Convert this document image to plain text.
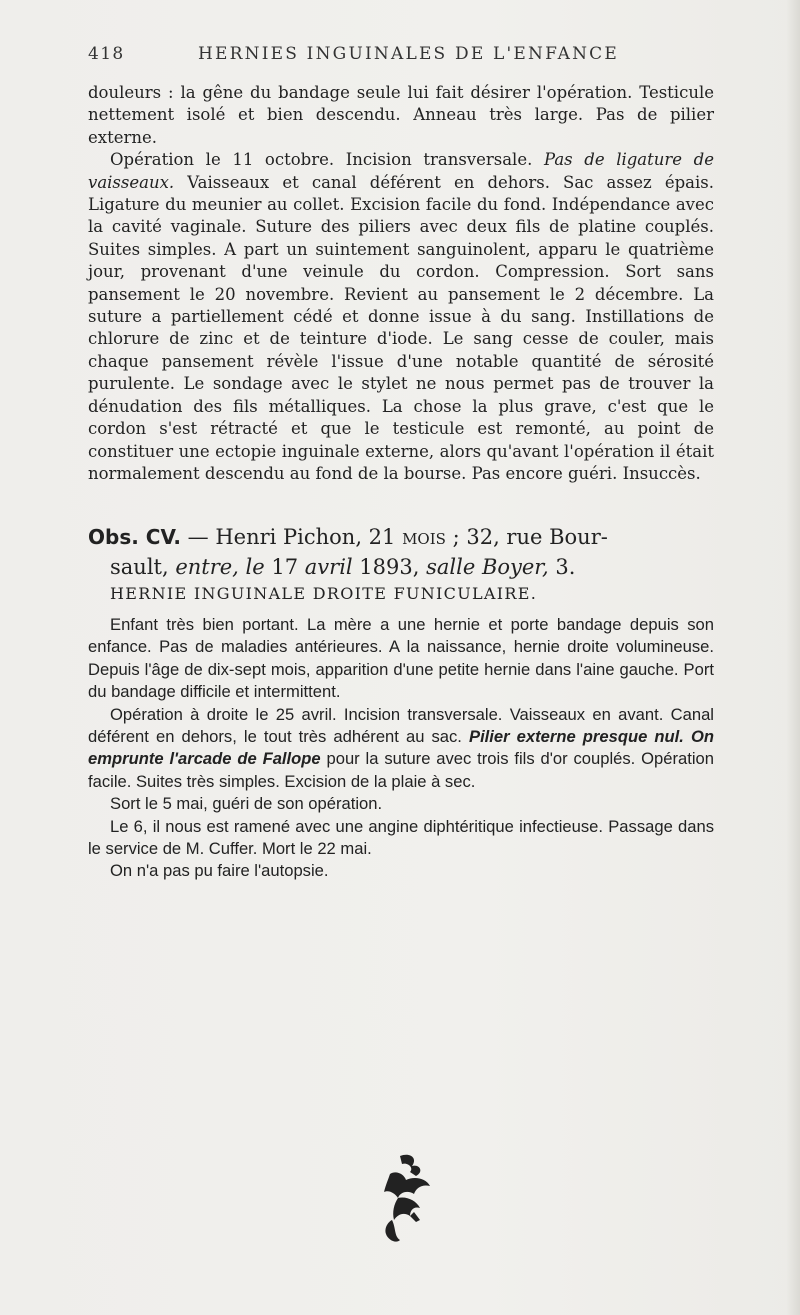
418	HERNIES INGUINALES DE L'ENFANCE
douleurs : la gêne du bandage seule lui fait désirer l'opération. Testicule nettement isolé et bien descendu. Anneau très large. Pas de pilier externe.
Opération le 11 octobre. Incision transversale. Pas de ligature de vaisseaux. Vaisseaux et canal déférent en dehors. Sac assez épais. Ligature du meunier au collet. Excision facile du fond. Indépendance avec la cavité vaginale. Suture des piliers avec deux fils de platine couplés. Suites simples. A part un suintement sanguinolent, apparu le quatrième jour, provenant d'une veinule du cordon. Compression. Sort sans pansement le 20 novembre. Revient au pansement le 2 décembre. La suture a partiellement cédé et donne issue à du sang. Instillations de chlorure de zinc et de teinture d'iode. Le sang cesse de couler, mais chaque pansement révèle l'issue d'une notable quantité de sérosité purulente. Le sondage avec le stylet ne nous permet pas de trouver la dénudation des fils métalliques. La chose la plus grave, c'est que le cordon s'est rétracté et que le testicule est remonté, au point de constituer une ectopie inguinale externe, alors qu'avant l'opération il était normalement descendu au fond de la bourse. Pas encore guéri. Insuccès.

Obs. CV. — Henri Pichon, 21 mois ; 32, rue Bour-
sault, entre, le 17 avril 1893, salle Boyer, 3.

HERNIE INGUINALE DROITE FUNICULAIRE.

Enfant très bien portant. La mère a une hernie et porte bandage depuis son enfance. Pas de maladies antérieures. A la naissance, hernie droite volumineuse. Depuis l'âge de dix-sept mois, apparition d'une petite hernie dans l'aine gauche. Port du bandage difficile et intermittent.
Opération à droite le 25 avril. Incision transversale. Vaisseaux en avant. Canal déférent en dehors, le tout très adhérent au sac. Pilier externe presque nul. On emprunte l'arcade de Fallope pour la suture avec trois fils d'or couplés. Opération facile. Suites très simples. Excision de la plaie à sec.
Sort le 5 mai, guéri de son opération.
Le 6, il nous est ramené avec une angine diphtéritique infectieuse. Passage dans le service de M. Cuffer. Mort le 22 mai.
On n'a pas pu faire l'autopsie.
